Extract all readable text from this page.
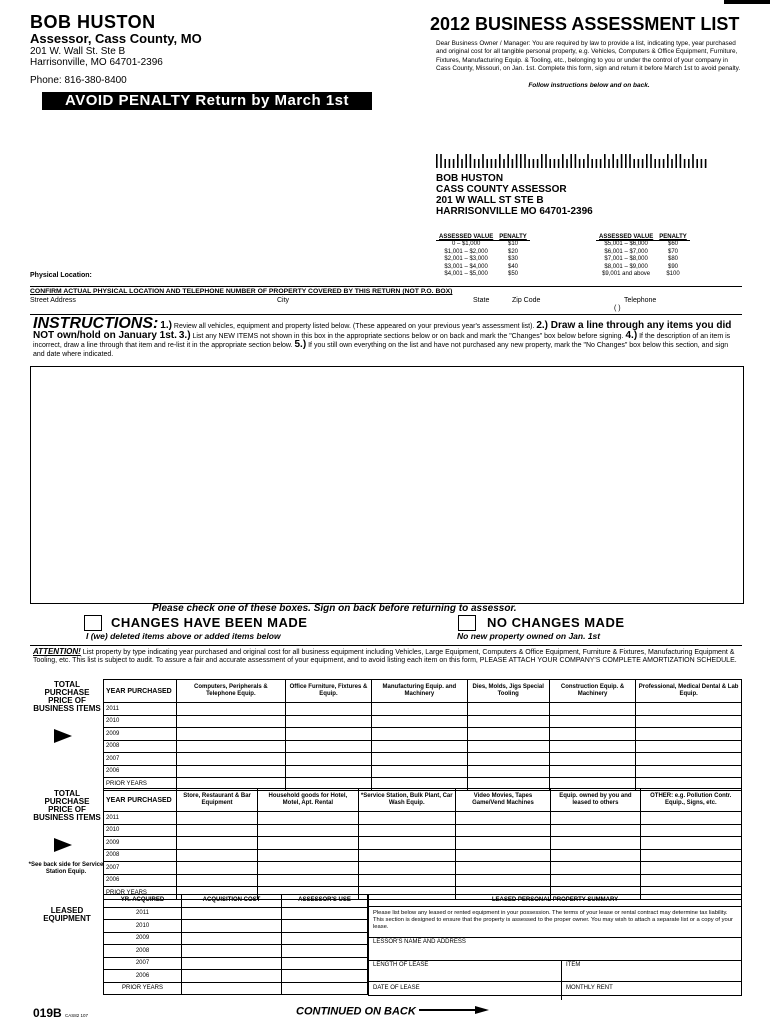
BOB HUSTON
Assessor, Cass County, MO
201 W. Wall St. Ste B
Harrisonville, MO 64701-2396
Phone: 816-380-8400
AVOID PENALTY Return by March 1st
2012 BUSINESS ASSESSMENT LIST
Dear Business Owner / Manager: You are required by law to provide a list, indicating type, year purchased and original cost for all tangible personal property, e.g. Vehicles, Computers & Office Equipment, Furniture, Fixtures, Manufacturing Equip. & Tooling, etc., belonging to you or under the control of your company in Cass County, Missouri, on Jan. 1st. Complete this form, sign and return it before March 1st to avoid penalty.
Follow instructions below and on back.
BOB HUSTON
CASS COUNTY ASSESSOR
201 W WALL ST STE B
HARRISONVILLE MO 64701-2396
ASSESSED VALUE	PENALTY
0 – $1,000	$10
$1,001 – $2,000	$20
$2,001 – $3,000	$30
$3,001 – $4,000	$40
$4,001 – $5,000	$50
ASSESSED VALUE	PENALTY
$5,001 – $6,000	$60
$6,001 – $7,000	$70
$7,001 – $8,000	$80
$8,001 – $9,000	$90
$9,001 and above	$100
Physical Location:
CONFIRM ACTUAL PHYSICAL LOCATION AND TELEPHONE NUMBER OF PROPERTY COVERED BY THIS RETURN (NOT P.O. BOX)
Street Address	City	State	Zip Code	Telephone
( )
INSTRUCTIONS: 1.) Review all vehicles, equipment and property listed below. (These appeared on your previous year's assessment list). 2.) Draw a line through any items you did NOT own/hold on January 1st. 3.) List any NEW ITEMS not shown in this box in the appropriate sections below or on back and mark the "Changes" box below before signing. 4.) If the description of an item is incorrect, draw a line through that item and re-list it in the appropriate section below. 5.) If you still own everything on the list and have not purchased any new property, mark the "No Changes" box below this section, and sign and date where indicated.
Please check one of these boxes. Sign on back before returning to assessor.
CHANGES HAVE BEEN MADE
I (we) deleted items above or added items below
NO CHANGES MADE
No new property owned on Jan. 1st
ATTENTION! List property by type indicating year purchased and original cost for all business equipment including Vehicles, Large Equipment, Computers & Office Equipment, Furniture & Fixtures, Manufacturing Equipment & Tooling, etc. This list is subject to audit. To assure a fair and accurate assessment of your equipment, and to avoid listing each item on this form, PLEASE ATTACH YOUR COMPANY'S COMPLETE AMORTIZATION SCHEDULE.
TOTAL PURCHASE PRICE OF BUSINESS ITEMS
YEAR PURCHASED	Computers, Peripherals & Telephone Equip.	Office Furniture, Fixtures & Equip.	Manufacturing Equip. and Machinery	Dies, Molds, Jigs Special Tooling	Construction Equip. & Machinery	Professional, Medical Dental & Lab Equip.
2011						
2010						
2009						
2008						
2007						
2006						
PRIOR YEARS						
TOTAL PURCHASE PRICE OF BUSINESS ITEMS
*See back side for Service Station Equip.
YEAR PURCHASED	Store, Restaurant & Bar Equipment	Household goods for Hotel, Motel, Apt. Rental	*Service Station, Bulk Plant, Car Wash Equip.	Video Movies, Tapes Game/Vend Machines	Equip. owned by you and leased to others	OTHER: e.g. Pollution Contr. Equip., Signs, etc.
2011						
2010						
2009						
2008						
2007						
2006						
PRIOR YEARS						
LEASED EQUIPMENT
YR. ACQUIRED	ACQUISITION COST	ASSESSOR'S USE
2011		
2010		
2009		
2008		
2007		
2006		
PRIOR YEARS		
LEASED PERSONAL PROPERTY SUMMARY
Please list below any leased or rented equipment in your possession. The terms of your lease or rental contract may determine tax liability. This section is designed to ensure that the property is assessed to the proper owner. You may wish to attach a separate list or a copy of your lease.
LESSOR'S NAME AND ADDRESS
LENGTH OF LEASE	ITEM
DATE OF LEASE	MONTHLY RENT
019B CAS82 107	CONTINUED ON BACK
